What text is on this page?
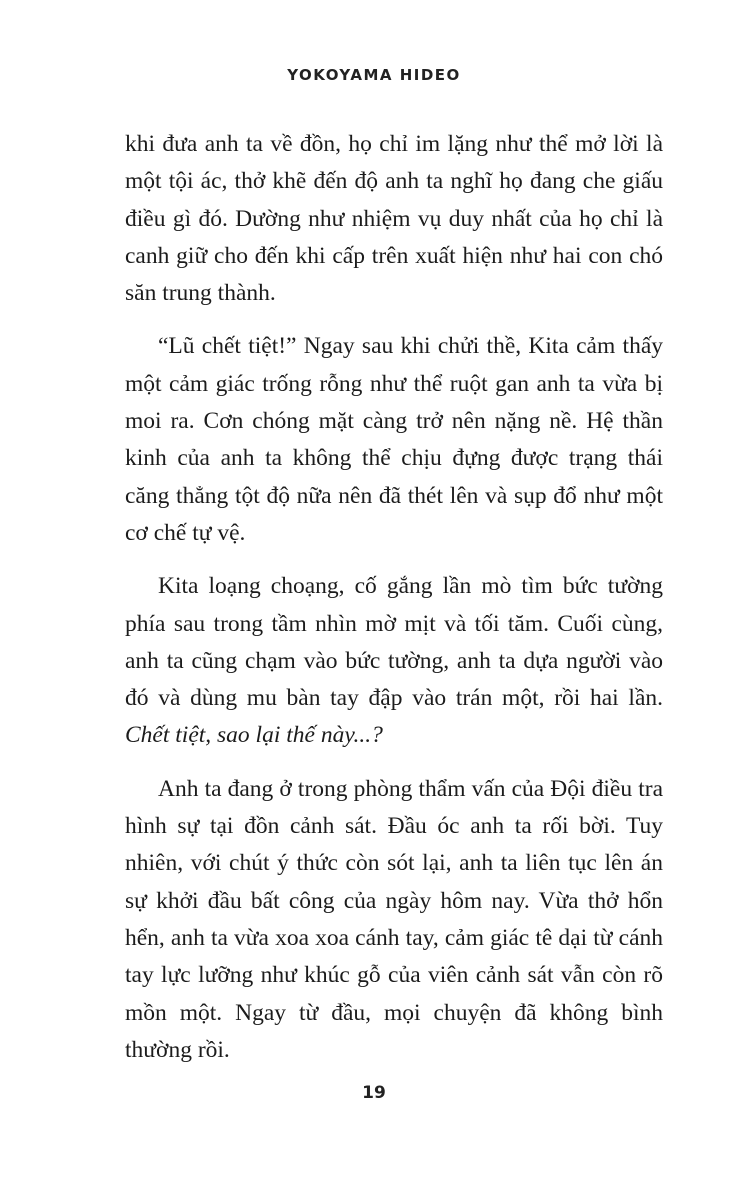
YOKOYAMA HIDEO

khi đưa anh ta về đồn, họ chỉ im lặng như thể mở lời là một tội ác, thở khẽ đến độ anh ta nghĩ họ đang che giấu điều gì đó. Dường như nhiệm vụ duy nhất của họ chỉ là canh giữ cho đến khi cấp trên xuất hiện như hai con chó săn trung thành.

“Lũ chết tiệt!” Ngay sau khi chửi thề, Kita cảm thấy một cảm giác trống rỗng như thể ruột gan anh ta vừa bị moi ra. Cơn chóng mặt càng trở nên nặng nề. Hệ thần kinh của anh ta không thể chịu đựng được trạng thái căng thẳng tột độ nữa nên đã thét lên và sụp đổ như một cơ chế tự vệ.

Kita loạng choạng, cố gắng lần mò tìm bức tường phía sau trong tầm nhìn mờ mịt và tối tăm. Cuối cùng, anh ta cũng chạm vào bức tường, anh ta dựa người vào đó và dùng mu bàn tay đập vào trán một, rồi hai lần. Chết tiệt, sao lại thế này...?

Anh ta đang ở trong phòng thẩm vấn của Đội điều tra hình sự tại đồn cảnh sát. Đầu óc anh ta rối bời. Tuy nhiên, với chút ý thức còn sót lại, anh ta liên tục lên án sự khởi đầu bất công của ngày hôm nay. Vừa thở hổn hển, anh ta vừa xoa xoa cánh tay, cảm giác tê dại từ cánh tay lực lưỡng như khúc gỗ của viên cảnh sát vẫn còn rõ mồn một. Ngay từ đầu, mọi chuyện đã không bình thường rồi.

19
